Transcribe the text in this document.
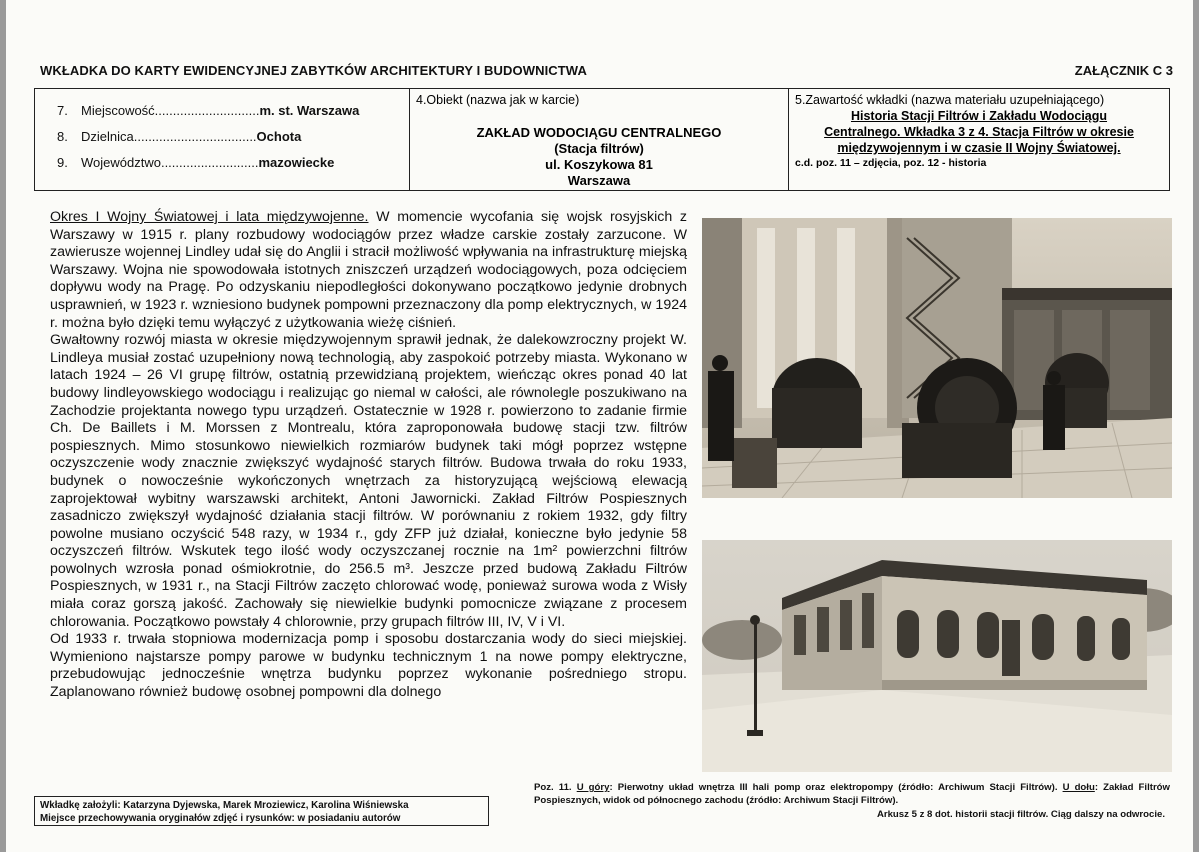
WKŁADKA DO KARTY EWIDENCYJNEJ ZABYTKÓW ARCHITEKTURY I BUDOWNICTWA	ZAŁĄCZNIK C 3
7. Miejscowość.............................m. st. Warszawa
8. Dzielnica..................................Ochota
9. Województwo...........................mazowiecke
4.Obiekt (nazwa jak w karcie)
ZAKŁAD WODOCIĄGU CENTRALNEGO
(Stacja filtrów)
ul. Koszykowa 81
Warszawa
5.Zawartość wkładki (nazwa materiału uzupełniającego)
Historia Stacji Filtrów i Zakładu Wodociągu
Centralnego. Wkładka 3 z 4. Stacja Filtrów w okresie
międzywojennym i w czasie II Wojny Światowej.
c.d. poz. 11 – zdjęcia, poz. 12 - historia

Okres I Wojny Światowej i lata międzywojenne. W momencie wycofania się wojsk rosyjskich z Warszawy w 1915 r. plany rozbudowy wodociągów przez władze carskie zostały zarzucone. W zawierusze wojennej Lindley udał się do Anglii i stracił możliwość wpływania na infrastrukturę miejską Warszawy. Wojna nie spowodowała istotnych zniszczeń urządzeń wodociągowych, poza odcięciem dopływu wody na Pragę. Po odzyskaniu niepodległości dokonywano początkowo jedynie drobnych usprawnień, w 1923 r. wzniesiono budynek pompowni przeznaczony dla pomp elektrycznych, w 1924 r. można było dzięki temu wyłączyć z użytkowania wieżę ciśnień.

Gwałtowny rozwój miasta w okresie międzywojennym sprawił jednak, że dalekowzroczny projekt W. Lindleya musiał zostać uzupełniony nową technologią, aby zaspokoić potrzeby miasta. Wykonano w latach 1924 – 26 VI grupę filtrów, ostatnią przewidzianą projektem, wieńcząc okres ponad 40 lat budowy lindleyowskiego wodociągu i realizując go niemal w całości, ale równolegle poszukiwano na Zachodzie projektanta nowego typu urządzeń. Ostatecznie w 1928 r. powierzono to zadanie firmie Ch. De Baillets i M. Morssen z Montrealu, która zaproponowała budowę stacji tzw. filtrów pospiesznych. Mimo stosunkowo niewielkich rozmiarów budynek taki mógł poprzez wstępne oczyszczenie wody znacznie zwiększyć wydajność starych filtrów. Budowa trwała do roku 1933, budynek o nowocześnie wykończonych wnętrzach za historyzującą wejściową elewacją zaprojektował wybitny warszawski architekt, Antoni Jawornicki. Zakład Filtrów Pospiesznych zasadniczo zwiększył wydajność działania stacji filtrów. W porównaniu z rokiem 1932, gdy filtry powolne musiano oczyścić 548 razy, w 1934 r., gdy ZFP już działał, konieczne było jedynie 58 oczyszczeń filtrów. Wskutek tego ilość wody oczyszczanej rocznie na 1m² powierzchni filtrów powolnych wzrosła ponad ośmiokrotnie, do 256.5 m³. Jeszcze przed budową Zakładu Filtrów Pospiesznych, w 1931 r., na Stacji Filtrów zaczęto chlorować wodę, ponieważ surowa woda z Wisły miała coraz gorszą jakość. Zachowały się niewielkie budynki pomocnicze związane z procesem chlorowania. Początkowo powstały 4 chlorownie, przy grupach filtrów III, IV, V i VI.

Od 1933 r. trwała stopniowa modernizacja pomp i sposobu dostarczania wody do sieci miejskiej. Wymieniono najstarsze pompy parowe w budynku technicznym 1 na nowe pompy elektryczne, przebudowując jednocześnie wnętrza budynku poprzez wykonanie pośredniego stropu. Zaplanowano również budowę osobnej pompowni dla dolnego

Poz. 11. U góry: Pierwotny układ wnętrza III hali pomp oraz elektropompy (źródło: Archiwum Stacji Filtrów). U dołu: Zakład Filtrów Pospiesznych, widok od północnego zachodu (źródło: Archiwum Stacji Filtrów).
Arkusz 5 z 8 dot. historii stacji filtrów. Ciąg dalszy na odwrocie.
Wkładkę założyli: Katarzyna Dyjewska, Marek Mroziewicz, Karolina Wiśniewska
Miejsce przechowywania oryginałów zdjęć i rysunków: w posiadaniu autorów
